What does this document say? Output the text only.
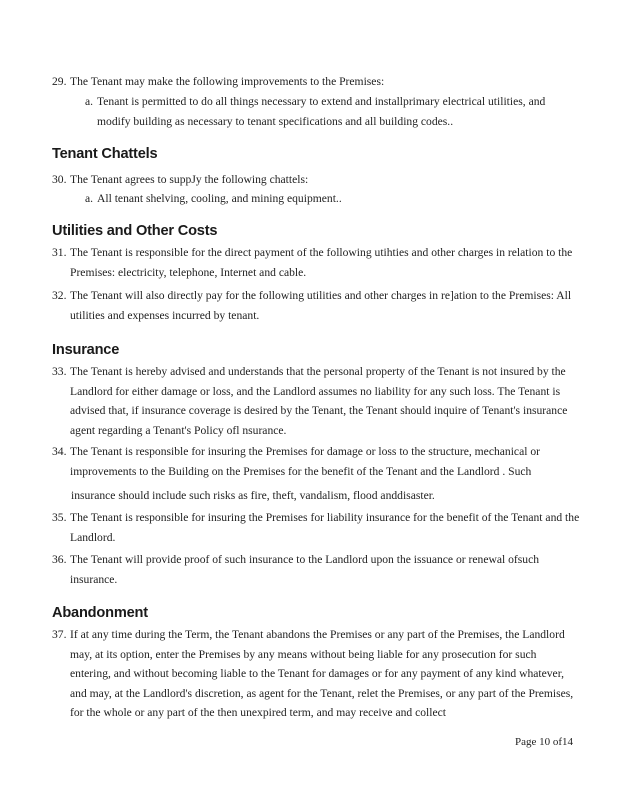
29. The Tenant may make the following improvements to the Premises:
a. Tenant is permitted to do all things necessary to extend and installprimary electrical utilities, and modify building as necessary to tenant specifications and all building codes..
Tenant Chattels
30. The Tenant agrees to suppJy the following chattels:
a. All tenant shelving, cooling, and mining equipment..
Utilities and Other Costs
31. The Tenant is responsible for the direct payment of the following utihties and other charges in relation to the Premises: electricity, telephone, Internet and cable.
32. The Tenant will also directly pay for the following utilities and other charges in re]ation to the Premises: All utilities and expenses incurred by tenant.
Insurance
33. The Tenant is hereby advised and understands that the personal property of the Tenant is not insured by the Landlord for either damage or loss, and the Landlord assumes no liability for any such loss. The Tenant is advised that, if insurance coverage is desired by the Tenant, the Tenant should inquire of Tenant's insurance agent regarding a Tenant's Policy ofl nsurance.
34. The Tenant is responsible for insuring the Premises for damage or loss to the structure, mechanical or improvements to the Building on the Premises for the benefit of the Tenant and the Landlord . Such
insurance should include such risks as fire, theft, vandalism, flood anddisaster.
35. The Tenant is responsible for insuring the Premises for liability insurance for the benefit of the Tenant and the Landlord.
36. The Tenant will provide proof of such insurance to the Landlord upon the issuance or renewal ofsuch insurance.
Abandonment
37. If at any time during the Term, the Tenant abandons the Premises or any part of the Premises, the Landlord may, at its option, enter the Premises by any means without being liable for any prosecution for such entering, and without becoming liable to the Tenant for damages or for any payment of any kind whatever, and may, at the Landlord's discretion, as agent for the Tenant, relet the Premises, or any part of the Premises, for the whole or any part of the then unexpired term, and may receive and collect
Page 10 of14
